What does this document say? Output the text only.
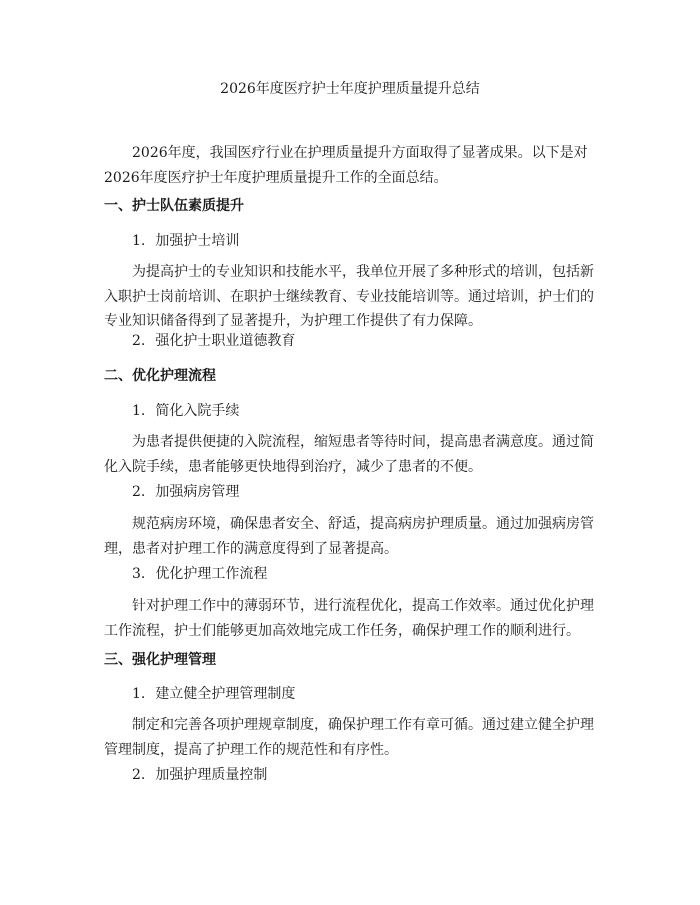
2026年度医疗护士年度护理质量提升总结

2026年度，我国医疗行业在护理质量提升方面取得了显著成果。以下是对2026年度医疗护士年度护理质量提升工作的全面总结。

一、护士队伍素质提升
1. 加强护士培训

为提高护士的专业知识和技能水平，我单位开展了多种形式的培训，包括新入职护士岗前培训、在职护士继续教育、专业技能培训等。通过培训，护士们的专业知识储备得到了显著提升，为护理工作提供了有力保障。

2. 强化护士职业道德教育
二、优化护理流程
1. 简化入院手续

为患者提供便捷的入院流程，缩短患者等待时间，提高患者满意度。通过简化入院手续，患者能够更快地得到治疗，减少了患者的不便。

2. 加强病房管理

规范病房环境，确保患者安全、舒适，提高病房护理质量。通过加强病房管理，患者对护理工作的满意度得到了显著提高。

3. 优化护理工作流程

针对护理工作中的薄弱环节，进行流程优化，提高工作效率。通过优化护理工作流程，护士们能够更加高效地完成工作任务，确保护理工作的顺利进行。

三、强化护理管理
1. 建立健全护理管理制度

制定和完善各项护理规章制度，确保护理工作有章可循。通过建立健全护理管理制度，提高了护理工作的规范性和有序性。

2. 加强护理质量控制
